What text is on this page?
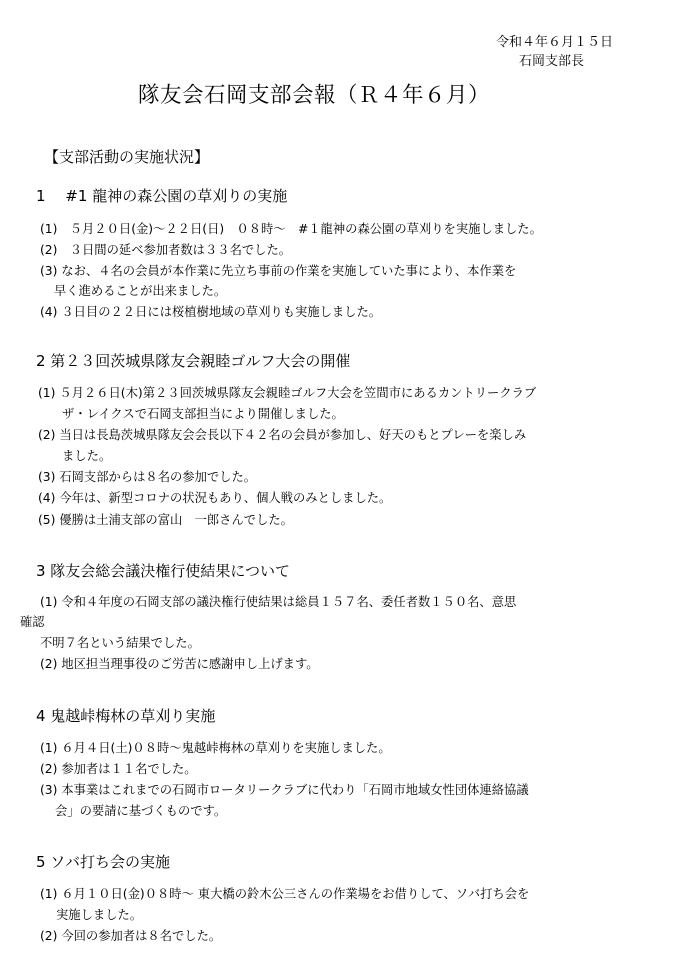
令和４年６月１５日
石岡支部長
隊友会石岡支部会報（Ｒ４年６月）
【支部活動の実施状況】
1　 #1 龍神の森公園の草刈りの実施
(1)　５月２０日(金)～２２日(日)　０８時～　#１龍神の森公園の草刈りを実施しました。
(2)　３日間の延べ参加者数は３３名でした。
(3) なお、４名の会員が本作業に先立ち事前の作業を実施していた事により、本作業を
早く進めることが出来ました。
(4) ３日目の２２日には桜植樹地域の草刈りも実施しました。
2 第２３回茨城県隊友会親睦ゴルフ大会の開催
(1) ５月２６日(木)第２３回茨城県隊友会親睦ゴルフ大会を笠間市にあるカントリークラブ
ザ・レイクスで石岡支部担当により開催しました。
(2) 当日は長島茨城県隊友会会長以下４２名の会員が参加し、好天のもとプレーを楽しみ
ました。
(3) 石岡支部からは８名の参加でした。
(4) 今年は、新型コロナの状況もあり、個人戦のみとしました。
(5) 優勝は土浦支部の富山　一郎さんでした。
3 隊友会総会議決権行使結果について
(1) 令和４年度の石岡支部の議決権行使結果は総員１５７名、委任者数１５０名、意思
確認
不明７名という結果でした。
(2) 地区担当理事役のご労苦に感謝申し上げます。
4 鬼越峠梅林の草刈り実施
(1) ６月４日(土)０８時～鬼越峠梅林の草刈りを実施しました。
(2) 参加者は１１名でした。
(3) 本事業はこれまでの石岡市ロータリークラブに代わり「石岡市地域女性団体連絡協議
会」の要請に基づくものです。
5 ソバ打ち会の実施
(1) ６月１０日(金)０８時～ 東大橋の鈴木公三さんの作業場をお借りして、ソバ打ち会を
実施しました。
(2) 今回の参加者は８名でした。
